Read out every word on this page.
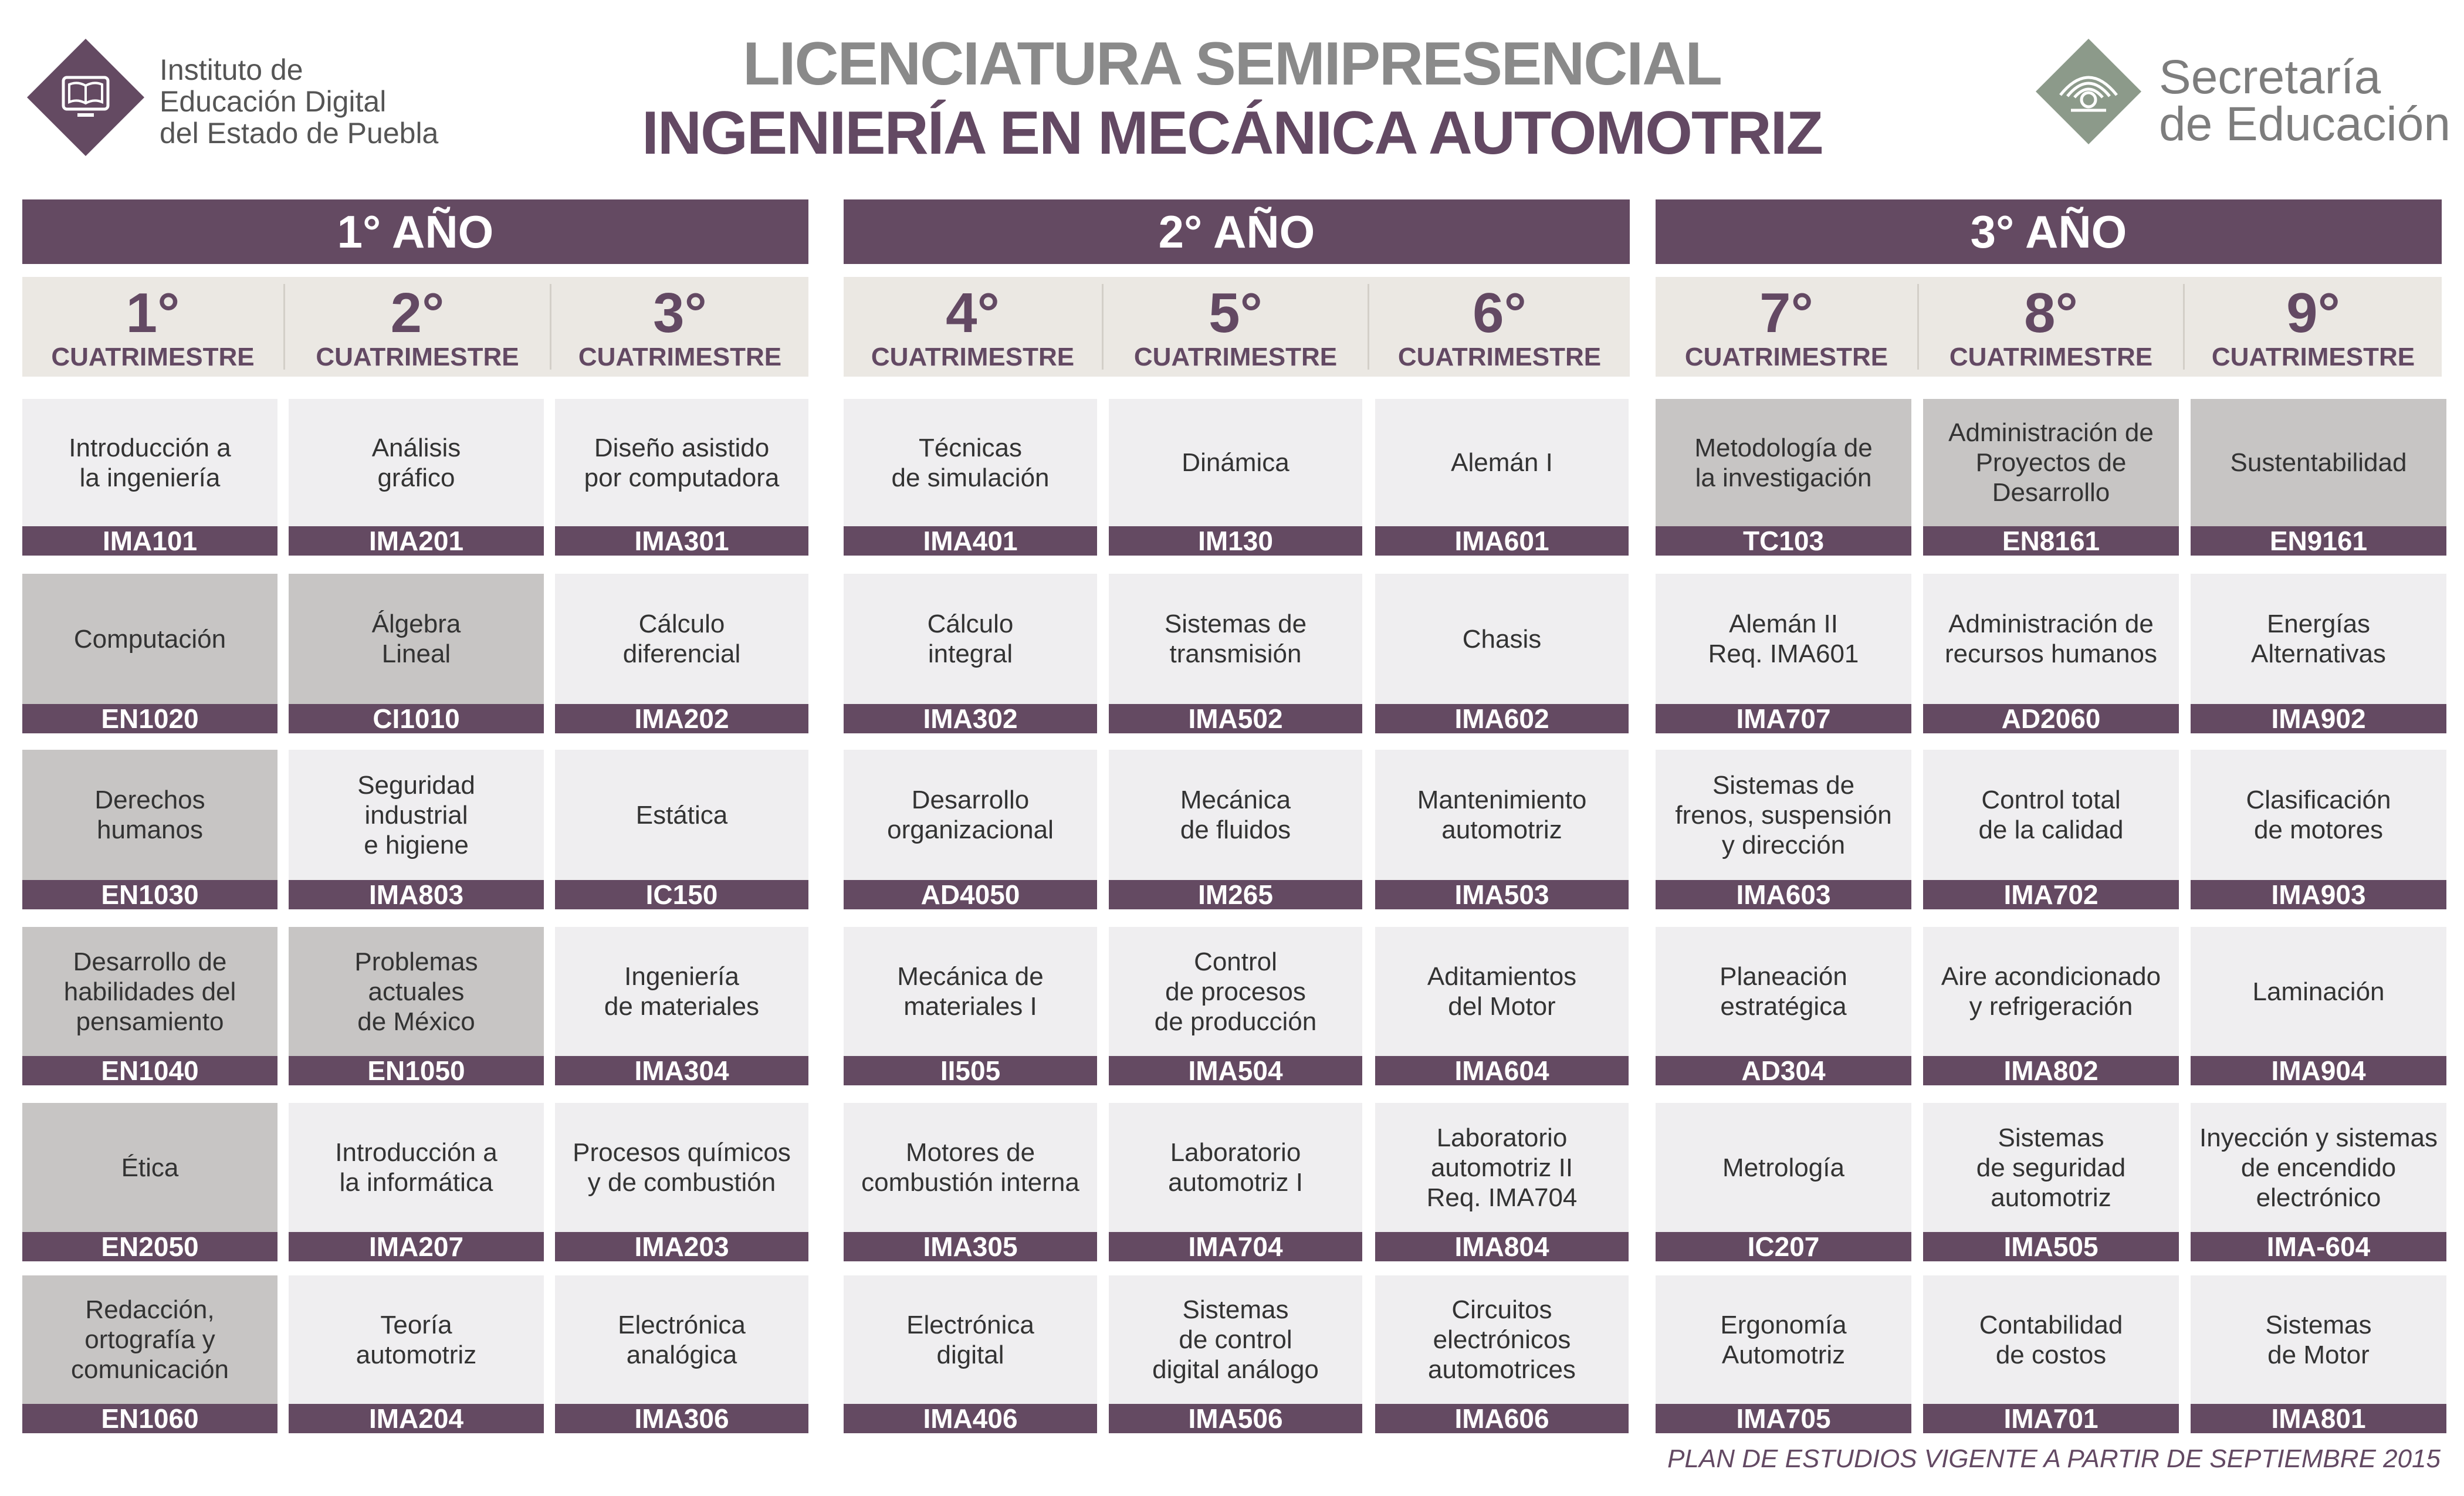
Instituto de
Educación Digital
del Estado de Puebla
LICENCIATURA SEMIPRESENCIAL
INGENIERÍA EN MECÁNICA AUTOMOTRIZ
Secretaría
de Educación
1° AÑO	2° AÑO	3° AÑO
1°
CUATRIMESTRE
2°
CUATRIMESTRE
3°
CUATRIMESTRE
4°
CUATRIMESTRE
5°
CUATRIMESTRE
6°
CUATRIMESTRE
7°
CUATRIMESTRE
8°
CUATRIMESTRE
9°
CUATRIMESTRE
Introducción a
la ingeniería
IMA101
Computación
EN1020
Derechos
humanos
EN1030
Desarrollo de
habilidades del
pensamiento
EN1040
Ética
EN2050
Redacción,
ortografía y
comunicación
EN1060
Análisis
gráfico
IMA201
Álgebra
Lineal
CI1010
Seguridad
industrial
e higiene
IMA803
Problemas
actuales
de México
EN1050
Introducción a
la informática
IMA207
Teoría
automotriz
IMA204
Diseño asistido
por computadora
IMA301
Cálculo
diferencial
IMA202
Estática
IC150
Ingeniería
de materiales
IMA304
Procesos químicos
y de combustión
IMA203
Electrónica
analógica
IMA306
Técnicas
de simulación
IMA401
Cálculo
integral
IMA302
Desarrollo
organizacional
AD4050
Mecánica de
materiales I
II505
Motores de
combustión interna
IMA305
Electrónica
digital
IMA406
Dinámica
IM130
Sistemas de
transmisión
IMA502
Mecánica
de fluidos
IM265
Control
de procesos
de producción
IMA504
Laboratorio
automotriz I
IMA704
Sistemas
de control
digital análogo
IMA506
Alemán I
IMA601
Chasis
IMA602
Mantenimiento
automotriz
IMA503
Aditamientos
del Motor
IMA604
Laboratorio
automotriz II
Req. IMA704
IMA804
Circuitos
electrónicos
automotrices
IMA606
Metodología de
la investigación
TC103
Alemán II
Req. IMA601
IMA707
Sistemas de
frenos, suspensión
y dirección
IMA603
Planeación
estratégica
AD304
Metrología
IC207
Ergonomía
Automotriz
IMA705
Administración de
Proyectos de
Desarrollo
EN8161
Administración de
recursos humanos
AD2060
Control total
de la calidad
IMA702
Aire acondicionado
y refrigeración
IMA802
Sistemas
de seguridad
automotriz
IMA505
Contabilidad
de costos
IMA701
Sustentabilidad
EN9161
Energías
Alternativas
IMA902
Clasificación
de motores
IMA903
Laminación
IMA904
Inyección y sistemas
de encendido
electrónico
IMA-604
Sistemas
de Motor
IMA801
PLAN DE ESTUDIOS VIGENTE A PARTIR DE SEPTIEMBRE 2015
